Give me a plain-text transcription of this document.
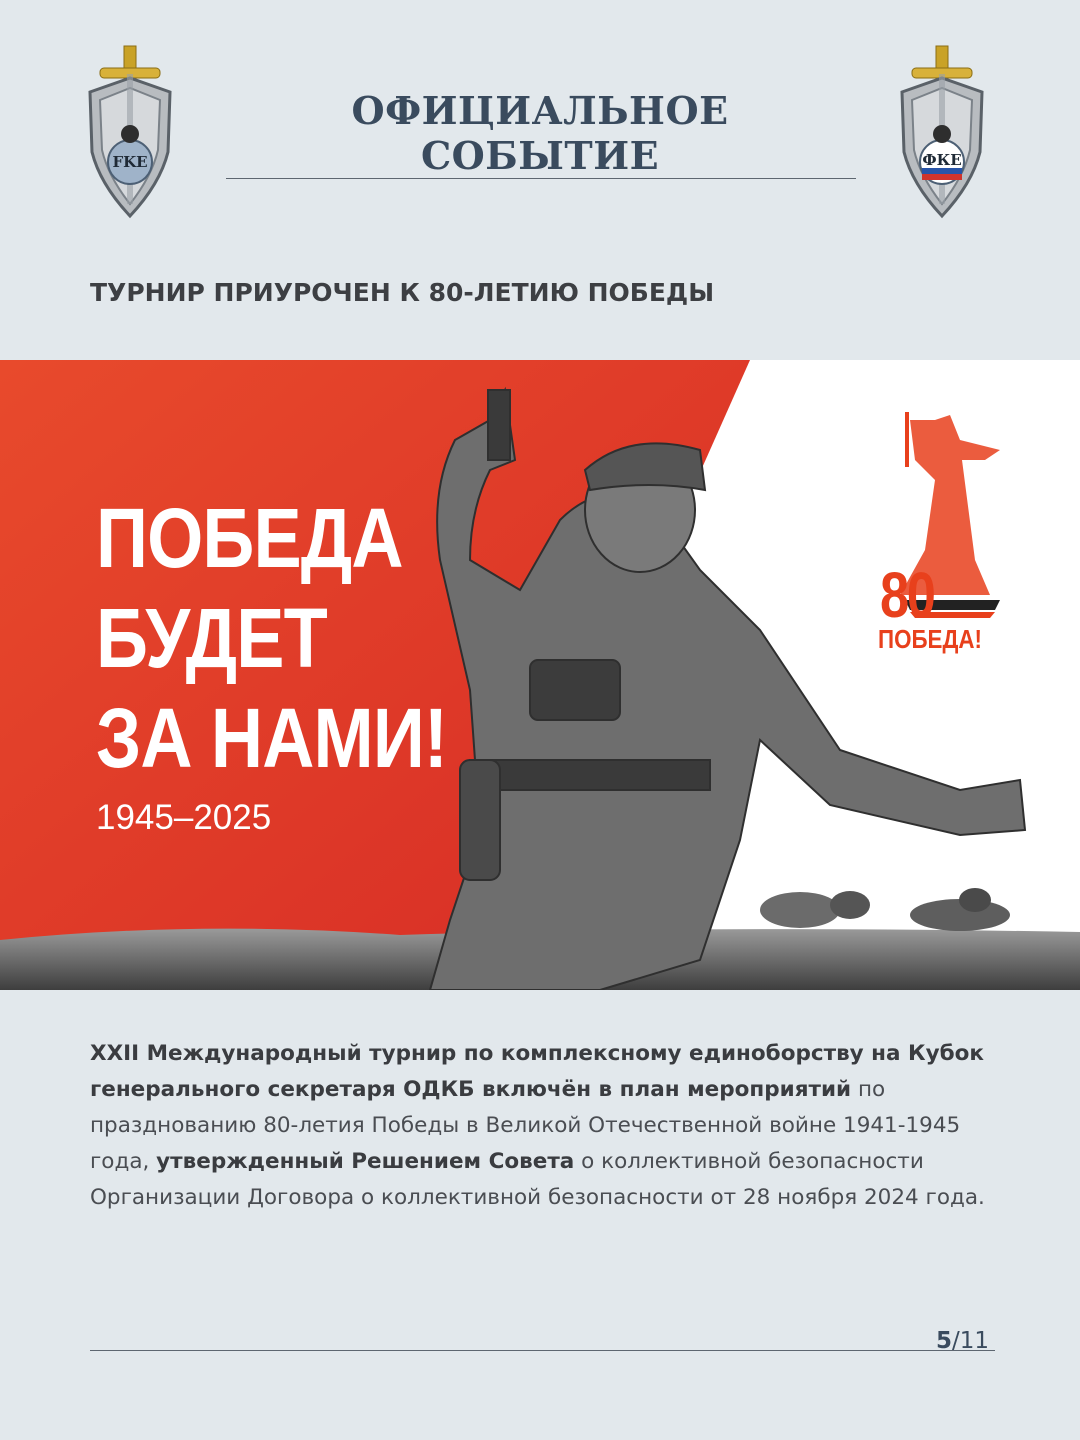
FKE
ОФИЦИАЛЬНОЕ СОБЫТИЕ	ФКЕ
ТУРНИР ПРИУРОЧЕН К 80-ЛЕТИЮ ПОБЕДЫ
ПОБЕДА
БУДЕТ
ЗА НАМИ!
1945–2025
80
ПОБЕДА!
XXII Международный турнир по комплексному единоборству на Кубок генерального секретаря ОДКБ включён в план мероприятий по празднованию 80-летия Победы в Великой Отечественной войне 1941-1945 года, утвержденный Решением Совета о коллективной безопасности Организации Договора о коллективной безопасности от 28 ноября 2024 года.
5/11
